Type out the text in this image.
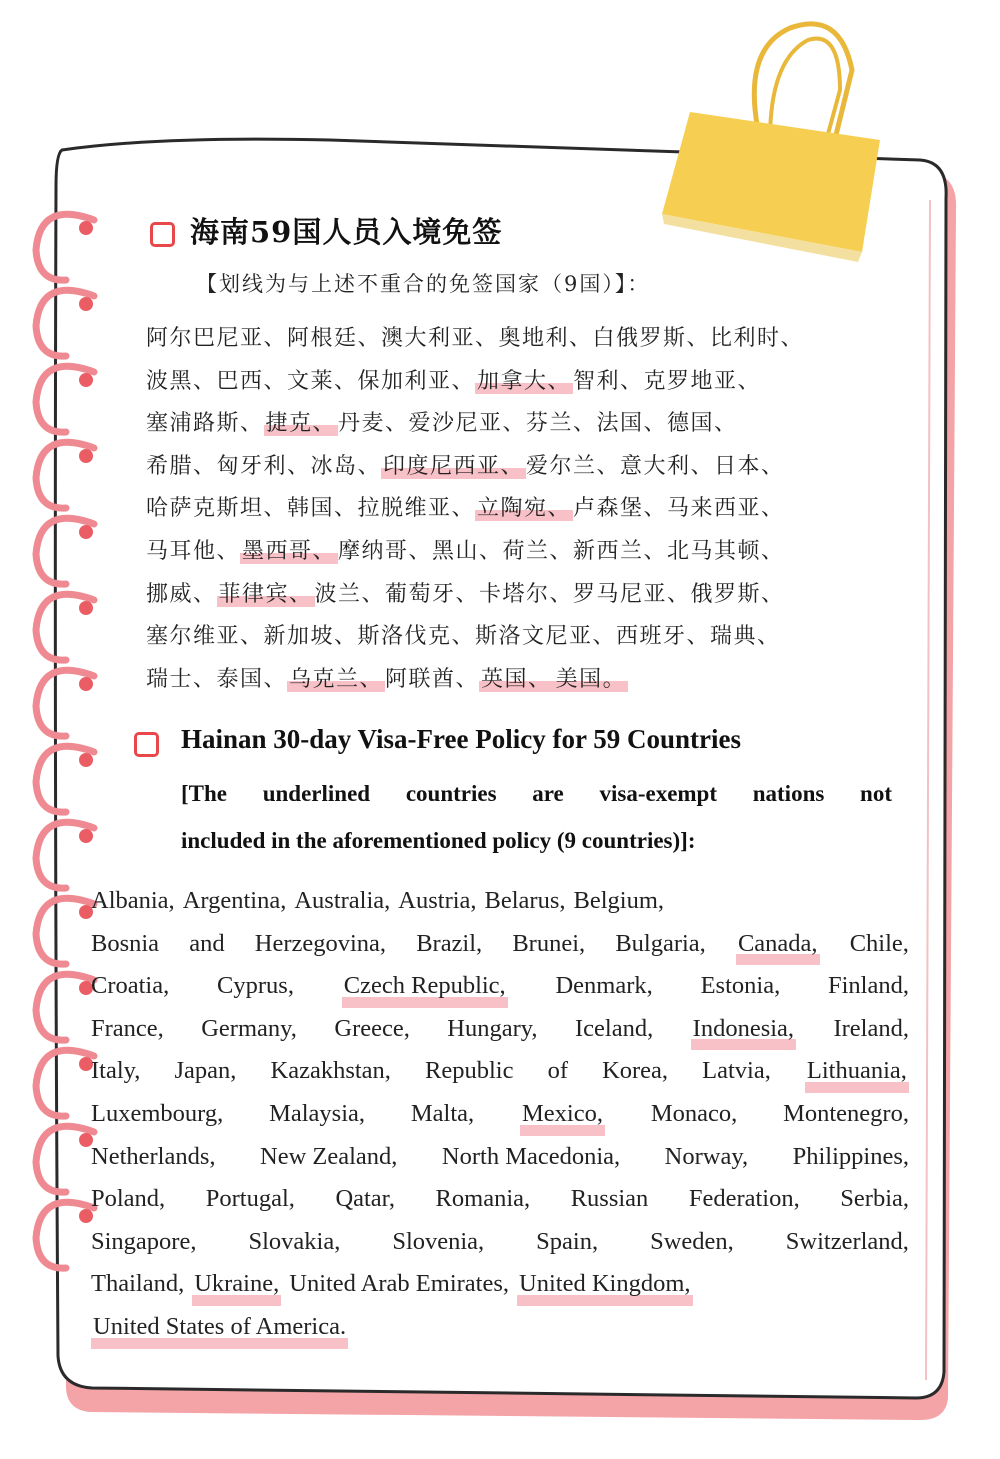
海南59国人员入境免签
【划线为与上述不重合的免签国家（9国）】：
阿尔巴尼亚、阿根廷、澳大利亚、奥地利、白俄罗斯、比利时、
波黑、巴西、文莱、保加利亚、加拿大、智利、克罗地亚、
塞浦路斯、捷克、丹麦、爱沙尼亚、芬兰、法国、德国、
希腊、匈牙利、冰岛、印度尼西亚、爱尔兰、意大利、日本、
哈萨克斯坦、韩国、拉脱维亚、立陶宛、卢森堡、马来西亚、
马耳他、墨西哥、摩纳哥、黑山、荷兰、新西兰、北马其顿、
挪威、菲律宾、波兰、葡萄牙、卡塔尔、罗马尼亚、俄罗斯、
塞尔维亚、新加坡、斯洛伐克、斯洛文尼亚、西班牙、瑞典、
瑞士、泰国、乌克兰、阿联酋、英国、 美国。
Hainan 30-day Visa-Free Policy for 59 Countries
[The underlined countries are visa-exempt nations not
included in the aforementioned policy (9 countries)]:
Albania, Argentina, Australia, Austria, Belarus, Belgium,
Bosnia and Herzegovina, Brazil, Brunei, Bulgaria, Canada, Chile,
Croatia, Cyprus, Czech Republic, Denmark, Estonia, Finland,
France, Germany, Greece, Hungary, Iceland, Indonesia, Ireland,
Italy, Japan, Kazakhstan, Republic of Korea, Latvia, Lithuania,
Luxembourg, Malaysia, Malta, Mexico, Monaco, Montenegro,
Netherlands, New Zealand, North Macedonia, Norway, Philippines,
Poland, Portugal, Qatar, Romania, Russian Federation, Serbia,
Singapore, Slovakia, Slovenia, Spain, Sweden, Switzerland,
Thailand, Ukraine, United Arab Emirates, United Kingdom,
United States of America.
